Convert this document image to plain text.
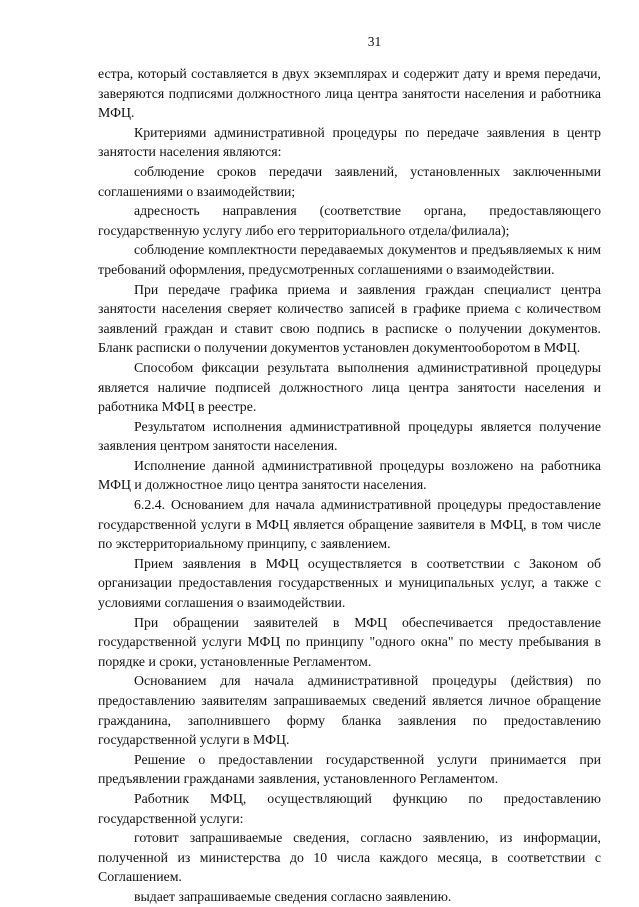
31

естра, который составляется в двух экземплярах и содержит дату и время передачи, заверяются подписями должностного лица центра занятости населения и работника МФЦ.

Критериями административной процедуры по передаче заявления в центр занятости населения являются:

соблюдение сроков передачи заявлений, установленных заключенными соглашениями о взаимодействии;

адресность направления (соответствие органа, предоставляющего государственную услугу либо его территориального отдела/филиала);

соблюдение комплектности передаваемых документов и предъявляемых к ним требований оформления, предусмотренных соглашениями о взаимодействии.

При передаче графика приема и заявления граждан специалист центра занятости населения сверяет количество записей в графике приема с количеством заявлений граждан и ставит свою подпись в расписке о получении документов. Бланк расписки о получении документов установлен документооборотом в МФЦ.

Способом фиксации результата выполнения административной процедуры является наличие подписей должностного лица центра занятости населения и работника МФЦ в реестре.

Результатом исполнения административной процедуры является получение заявления центром занятости населения.

Исполнение данной административной процедуры возложено на работника МФЦ и должностное лицо центра занятости населения.

6.2.4. Основанием для начала административной процедуры предоставление государственной услуги в МФЦ является обращение заявителя в МФЦ, в том числе по экстерриториальному принципу, с заявлением.

Прием заявления в МФЦ осуществляется в соответствии с Законом об организации предоставления государственных и муниципальных услуг, а также с условиями соглашения о взаимодействии.

При обращении заявителей в МФЦ обеспечивается предоставление государственной услуги МФЦ по принципу "одного окна" по месту пребывания в порядке и сроки, установленные Регламентом.

Основанием для начала административной процедуры (действия) по предоставлению заявителям запрашиваемых сведений является личное обращение гражданина, заполнившего форму бланка заявления по предоставлению государственной услуги в МФЦ.

Решение о предоставлении государственной услуги принимается при предъявлении гражданами заявления, установленного Регламентом.

Работник МФЦ, осуществляющий функцию по предоставлению государственной услуги:

готовит запрашиваемые сведения, согласно заявлению, из информации, полученной из министерства до 10 числа каждого месяца, в соответствии с Соглашением.

выдает запрашиваемые сведения согласно заявлению.
